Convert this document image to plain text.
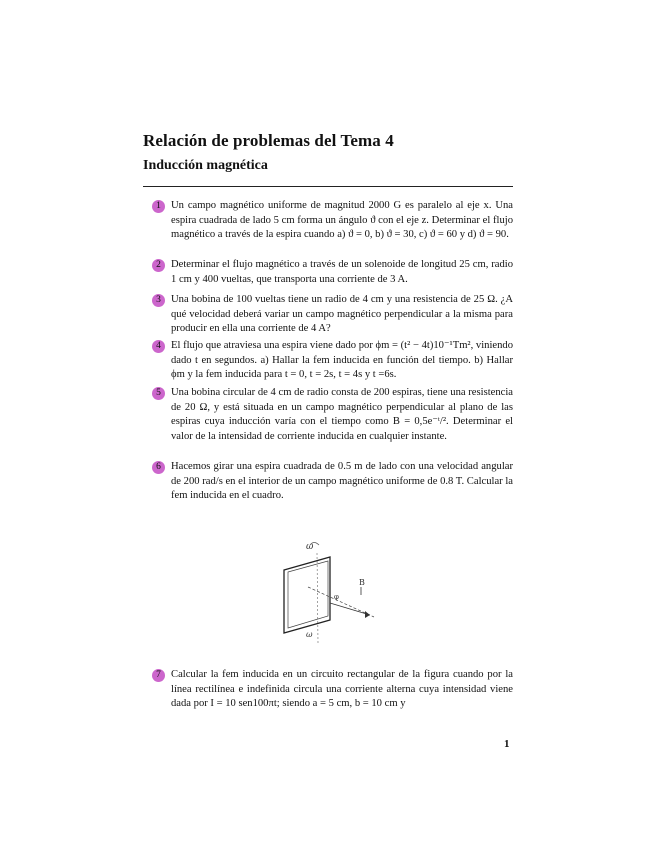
Relación de problemas del Tema 4
Inducción magnética
1 Un campo magnético uniforme de magnitud 2000 G es paralelo al eje x. Una espira cuadrada de lado 5 cm forma un ángulo ϑ con el eje z. Determinar el flujo magnético a través de la espira cuando a) ϑ = 0, b) ϑ = 30, c) ϑ = 60 y d) ϑ = 90.
2 Determinar el flujo magnético a través de un solenoide de longitud 25 cm, radio 1 cm y 400 vueltas, que transporta una corriente de 3 A.
3 Una bobina de 100 vueltas tiene un radio de 4 cm y una resistencia de 25 Ω. ¿A qué velocidad deberá variar un campo magnético perpendicular a la misma para producir en ella una corriente de 4 A?
4 El flujo que atraviesa una espira viene dado por ϕm = (t² − 4t)10⁻¹Tm², viniendo dado t en segundos. a) Hallar la fem inducida en función del tiempo. b) Hallar ϕm y la fem inducida para t = 0, t = 2s, t = 4s y t =6s.
5 Una bobina circular de 4 cm de radio consta de 200 espiras, tiene una resistencia de 20 Ω, y está situada en un campo magnético perpendicular al plano de las espiras cuya inducción varía con el tiempo como B = 0,5e⁻ᵗ/². Determinar el valor de la intensidad de corriente inducida en cualquier instante.
6 Hacemos girar una espira cuadrada de 0.5 m de lado con una velocidad angular de 200 rad/s en el interior de un campo magnético uniforme de 0.8 T. Calcular la fem inducida en el cuadro.
ω
φ
B
ω
7 Calcular la fem inducida en un circuito rectangular de la figura cuando por la línea rectilínea e indefinida circula una corriente alterna cuya intensidad viene dada por I = 10 sen100πt; siendo a = 5 cm, b = 10 cm y
1
